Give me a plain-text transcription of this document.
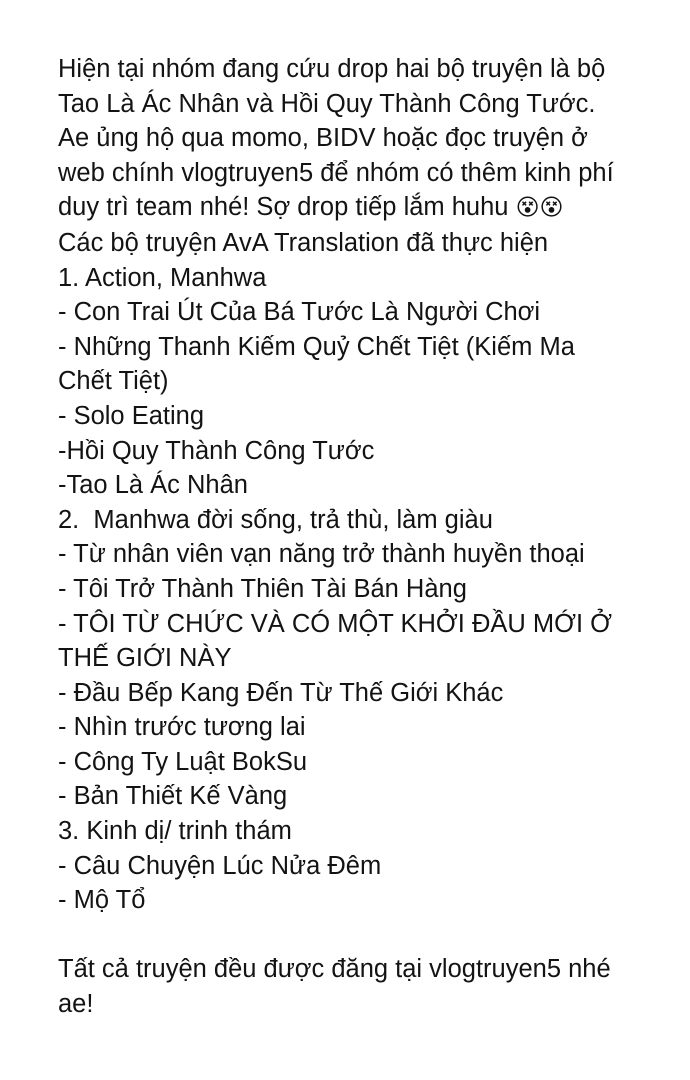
Hiện tại nhóm đang cứu drop hai bộ truyện là bộ Tao Là Ác Nhân và Hồi Quy Thành Công Tước. Ae ủng hộ qua momo, BIDV hoặc đọc truyện ở web chính vlogtruyen5 để nhóm có thêm kinh phí duy trì team nhé! Sợ drop tiếp lắm huhu 😵😵

Các bộ truyện AvA Translation đã thực hiện

1. Action, Manhwa

- Con Trai Út Của Bá Tước Là Người Chơi

- Những Thanh Kiếm Quỷ Chết Tiệt (Kiếm Ma Chết Tiệt)

- Solo Eating

-Hồi Quy Thành Công Tước

-Tao Là Ác Nhân

2.  Manhwa đời sống, trả thù, làm giàu

- Từ nhân viên vạn năng trở thành huyền thoại

- Tôi Trở Thành Thiên Tài Bán Hàng

- TÔI TỪ CHỨC VÀ CÓ MỘT KHỞI ĐẦU MỚI Ở THẾ GIỚI NÀY

- Đầu Bếp Kang Đến Từ Thế Giới Khác

- Nhìn trước tương lai

- Công Ty Luật BokSu

- Bản Thiết Kế Vàng

3. Kinh dị/ trinh thám

- Câu Chuyện Lúc Nửa Đêm

- Mộ Tổ

Tất cả truyện đều được đăng tại vlogtruyen5 nhé ae!
